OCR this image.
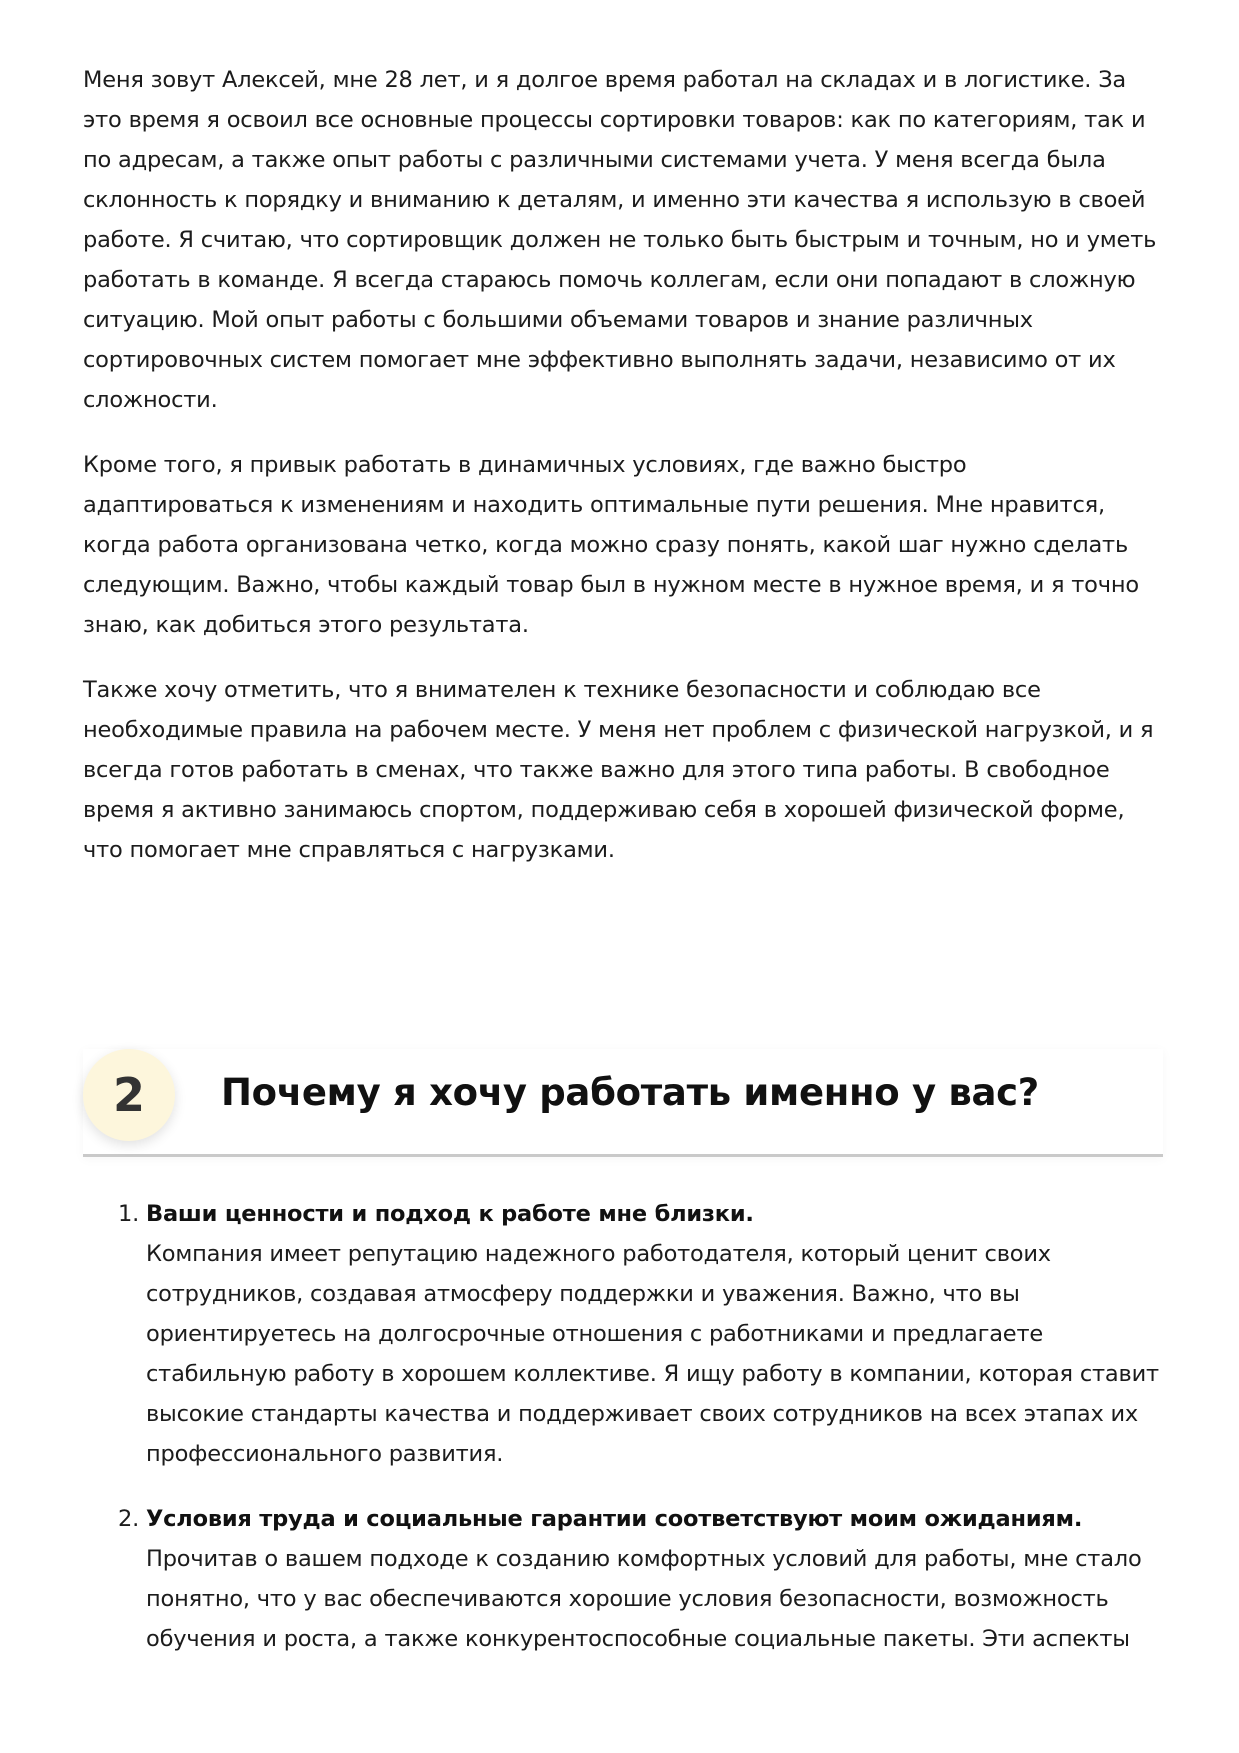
Меня зовут Алексей, мне 28 лет, и я долгое время работал на складах и в логистике. За это время я освоил все основные процессы сортировки товаров: как по категориям, так и по адресам, а также опыт работы с различными системами учета. У меня всегда была склонность к порядку и вниманию к деталям, и именно эти качества я использую в своей работе. Я считаю, что сортировщик должен не только быть быстрым и точным, но и уметь работать в команде. Я всегда стараюсь помочь коллегам, если они попадают в сложную ситуацию. Мой опыт работы с большими объемами товаров и знание различных сортировочных систем помогает мне эффективно выполнять задачи, независимо от их сложности.

Кроме того, я привык работать в динамичных условиях, где важно быстро адаптироваться к изменениям и находить оптимальные пути решения. Мне нравится, когда работа организована четко, когда можно сразу понять, какой шаг нужно сделать следующим. Важно, чтобы каждый товар был в нужном месте в нужное время, и я точно знаю, как добиться этого результата.

Также хочу отметить, что я внимателен к технике безопасности и соблюдаю все необходимые правила на рабочем месте. У меня нет проблем с физической нагрузкой, и я всегда готов работать в сменах, что также важно для этого типа работы. В свободное время я активно занимаюсь спортом, поддерживаю себя в хорошей физической форме, что помогает мне справляться с нагрузками.

2	Почему я хочу работать именно у вас?
1. Ваши ценности и подход к работе мне близки.
Компания имеет репутацию надежного работодателя, который ценит своих сотрудников, создавая атмосферу поддержки и уважения. Важно, что вы ориентируетесь на долгосрочные отношения с работниками и предлагаете стабильную работу в хорошем коллективе. Я ищу работу в компании, которая ставит высокие стандарты качества и поддерживает своих сотрудников на всех этапах их профессионального развития.
2. Условия труда и социальные гарантии соответствуют моим ожиданиям.
Прочитав о вашем подходе к созданию комфортных условий для работы, мне стало понятно, что у вас обеспечиваются хорошие условия безопасности, возможность обучения и роста, а также конкурентоспособные социальные пакеты. Эти аспекты
